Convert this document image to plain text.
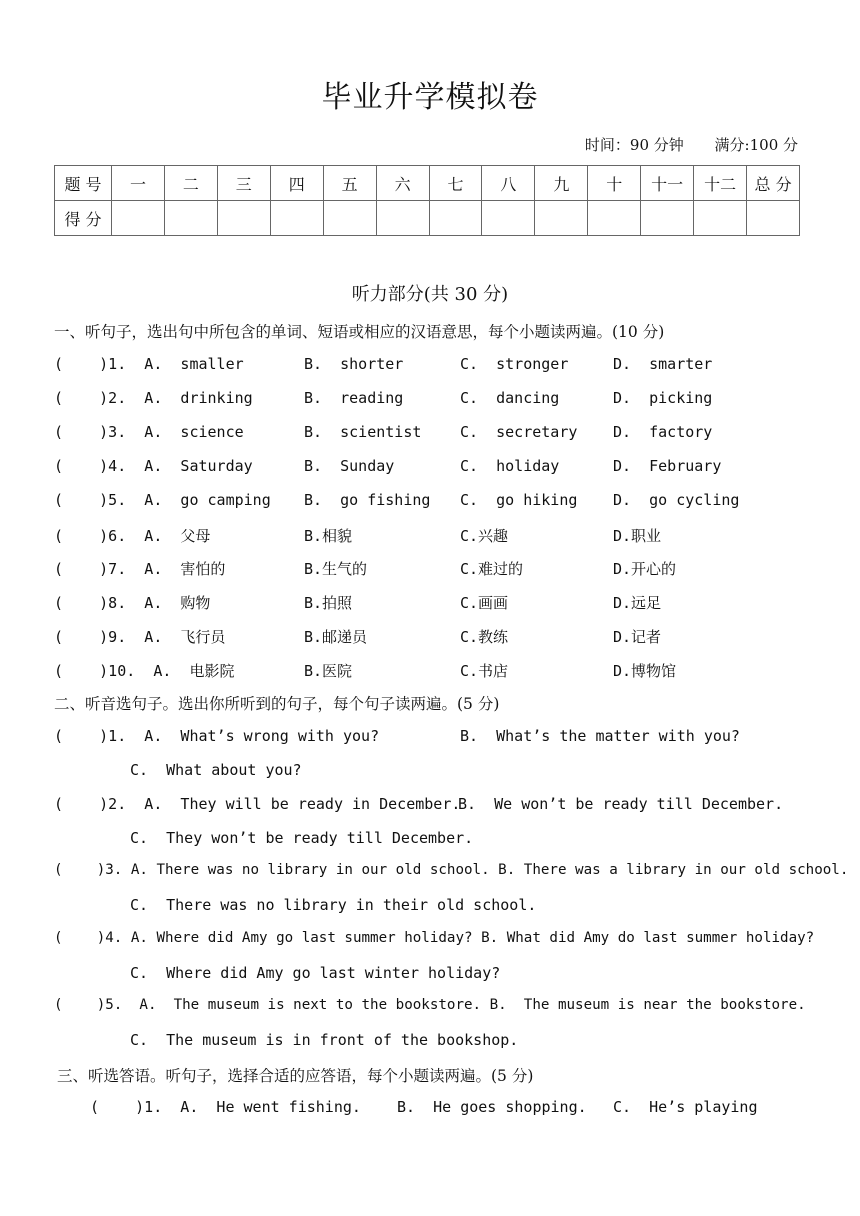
毕业升学模拟卷
时间：90 分钟 满分:100 分
题 号	一	二	三	四	五	六	七	八	九	十	十一	十二	总 分
得 分													
听力部分(共 30 分)
一、听句子，选出句中所包含的单词、短语或相应的汉语意思，每个小题读两遍。(10 分)
(    )1.  A.  smaller	B.  shorter	C.  stronger	D.  smarter
(    )2.  A.  drinking	B.  reading	C.  dancing	D.  picking
(    )3.  A.  science	B.  scientist	C.  secretary D.  factory
(    )4.  A.  Saturday	B.  Sunday	C.  holiday	D.  February
(    )5.  A.  go camping B.  go fishing C.  go hiking D.  go cycling
(    )6.  A.  父母	B.相貌	C.兴趣	D.职业
(    )7.  A.  害怕的	B.生气的	C.难过的	D.开心的
(    )8.  A.  购物	B.拍照	C.画画	D.远足
(    )9.  A.  飞行员	B.邮递员	C.教练	D.记者
(    )10.  A.  电影院	B.医院	C.书店	D.博物馆
二、听音选句子。选出你所听到的句子，每个句子读两遍。(5 分)
(    )1.  A.  What’s wrong with you?	B.  What’s the matter with you?
C.  What about you?
(    )2.  A.  They will be ready in December.
B.  We won’t be ready till December.
C.  They won’t be ready till December.
(    )3. A. There was no library in our old school. B. There was a library in our old school.
C.  There was no library in their old school.
(    )4. A. Where did Amy go last summer holiday? B. What did Amy do last summer holiday?
C.  Where did Amy go last winter holiday?
(    )5.  A.  The museum is next to the bookstore. B.  The museum is near the bookstore.
C.  The museum is in front of the bookshop.
三、听选答语。听句子，选择合适的应答语，每个小题读两遍。(5 分)
(    )1.  A.  He went fishing. B.  He goes shopping. C.  He’s playing
